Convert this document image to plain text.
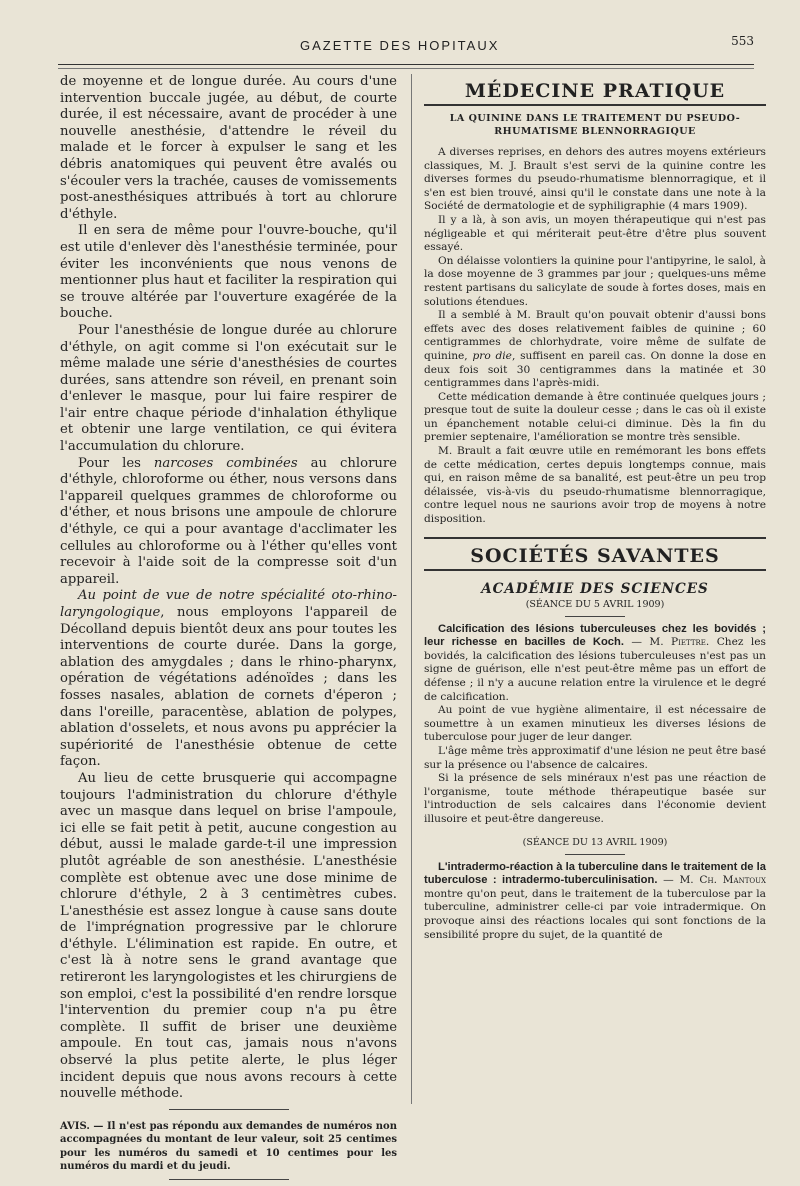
GAZETTE DES HOPITAUX	553

de moyenne et de longue durée. Au cours d'une intervention buccale jugée, au début, de courte durée, il est nécessaire, avant de procéder à une nouvelle anesthésie, d'attendre le réveil du malade et le forcer à expulser le sang et les débris anatomiques qui peuvent être avalés ou s'écouler vers la trachée, causes de vomissements post-anesthésiques attribués à tort au chlorure d'éthyle.

Il en sera de même pour l'ouvre-bouche, qu'il est utile d'enlever dès l'anesthésie terminée, pour éviter les inconvénients que nous venons de mentionner plus haut et faciliter la respiration qui se trouve altérée par l'ouverture exagérée de la bouche.

Pour l'anesthésie de longue durée au chlorure d'éthyle, on agit comme si l'on exécutait sur le même malade une série d'anesthésies de courtes durées, sans attendre son réveil, en prenant soin d'enlever le masque, pour lui faire respirer de l'air entre chaque période d'inhalation éthylique et obtenir une large ventilation, ce qui évitera l'accumulation du chlorure.

Pour les narcoses combinées au chlorure d'éthyle, chloroforme ou éther, nous versons dans l'appareil quelques grammes de chloroforme ou d'éther, et nous brisons une ampoule de chlorure d'éthyle, ce qui a pour avantage d'acclimater les cellules au chloroforme ou à l'éther qu'elles vont recevoir à l'aide soit de la compresse soit d'un appareil.

Au point de vue de notre spécialité oto-rhino-laryngologique, nous employons l'appareil de Décolland depuis bientôt deux ans pour toutes les interventions de courte durée. Dans la gorge, ablation des amygdales ; dans le rhino-pharynx, opération de végétations adénoïdes ; dans les fosses nasales, ablation de cornets d'éperon ; dans l'oreille, paracentèse, ablation de polypes, ablation d'osselets, et nous avons pu apprécier la supériorité de l'anesthésie obtenue de cette façon.

Au lieu de cette brusquerie qui accompagne toujours l'administration du chlorure d'éthyle avec un masque dans lequel on brise l'ampoule, ici elle se fait petit à petit, aucune congestion au début, aussi le malade garde-t-il une impression plutôt agréable de son anesthésie. L'anesthésie complète est obtenue avec une dose minime de chlorure d'éthyle, 2 à 3 centimètres cubes. L'anesthésie est assez longue à cause sans doute de l'imprégnation progressive par le chlorure d'éthyle. L'élimination est rapide. En outre, et c'est là à notre sens le grand avantage que retireront les laryngologistes et les chirurgiens de son emploi, c'est la possibilité d'en rendre lorsque l'intervention du premier coup n'a pu être complète. Il suffit de briser une deuxième ampoule. En tout cas, jamais nous n'avons observé la plus petite alerte, le plus léger incident depuis que nous avons recours à cette nouvelle méthode.

AVIS. — Il n'est pas répondu aux demandes de numéros non accompagnées du montant de leur valeur, soit 25 centimes pour les numéros du samedi et 10 centimes pour les numéros du mardi et du jeudi.
MÉDECINE PRATIQUE
LA QUININE DANS LE TRAITEMENT DU PSEUDO-RHUMATISME BLENNORRAGIQUE

A diverses reprises, en dehors des autres moyens extérieurs classiques, M. J. Brault s'est servi de la quinine contre les diverses formes du pseudo-rhumatisme blennorragique, et il s'en est bien trouvé, ainsi qu'il le constate dans une note à la Société de dermatologie et de syphiligraphie (4 mars 1909).

Il y a là, à son avis, un moyen thérapeutique qui n'est pas négligeable et qui mériterait peut-être d'être plus souvent essayé.

On délaisse volontiers la quinine pour l'antipyrine, le salol, à la dose moyenne de 3 grammes par jour ; quelques-uns même restent partisans du salicylate de soude à fortes doses, mais en solutions étendues.

Il a semblé à M. Brault qu'on pouvait obtenir d'aussi bons effets avec des doses relativement faibles de quinine ; 60 centigrammes de chlorhydrate, voire même de sulfate de quinine, pro die, suffisent en pareil cas. On donne la dose en deux fois soit 30 centigrammes dans la matinée et 30 centigrammes dans l'après-midi.

Cette médication demande à être continuée quelques jours ; presque tout de suite la douleur cesse ; dans le cas où il existe un épanchement notable celui-ci diminue. Dès la fin du premier septenaire, l'amélioration se montre très sensible.

M. Brault a fait œuvre utile en remémorant les bons effets de cette médication, certes depuis longtemps connue, mais qui, en raison même de sa banalité, est peut-être un peu trop délaissée, vis-à-vis du pseudo-rhumatisme blennorragique, contre lequel nous ne saurions avoir trop de moyens à notre disposition.

SOCIÉTÉS SAVANTES
ACADÉMIE DES SCIENCES
(SÉANCE DU 5 AVRIL 1909)

Calcification des lésions tuberculeuses chez les bovidés ; leur richesse en bacilles de Koch. — M. Piettre. Chez les bovidés, la calcification des lésions tuberculeuses n'est pas un signe de guérison, elle n'est peut-être même pas un effort de défense ; il n'y a aucune relation entre la virulence et le degré de calcification.

Au point de vue hygiène alimentaire, il est nécessaire de soumettre à un examen minutieux les diverses lésions de tuberculose pour juger de leur danger.

L'âge même très approximatif d'une lésion ne peut être basé sur la présence ou l'absence de calcaires.

Si la présence de sels minéraux n'est pas une réaction de l'organisme, toute méthode thérapeutique basée sur l'introduction de sels calcaires dans l'économie devient illusoire et peut-être dangereuse.

(SÉANCE DU 13 AVRIL 1909)

L'intradermo-réaction à la tuberculine dans le traitement de la tuberculose : intradermo-tuberculinisation. — M. Ch. Mantoux montre qu'on peut, dans le traitement de la tuberculose par la tuberculine, administrer celle-ci par voie intradermique. On provoque ainsi des réactions locales qui sont fonctions de la sensibilité propre du sujet, de la quantité de
